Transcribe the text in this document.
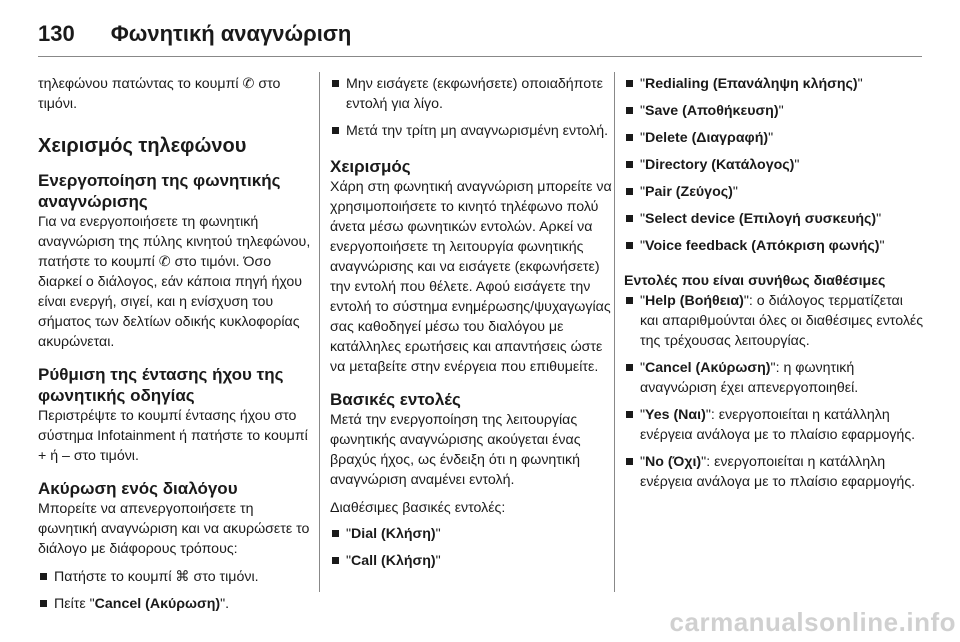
130 Φωνητική αναγνώριση

τηλεφώνου πατώντας το κουμπί ✆ στο τιμόνι.

Χειρισμός τηλεφώνου
Ενεργοποίηση της φωνητικής αναγνώρισης

Για να ενεργοποιήσετε τη φωνητική αναγνώριση της πύλης κινητού τηλεφώνου, πατήστε το κουμπί ✆ στο τιμόνι. Όσο διαρκεί ο διάλογος, εάν κάποια πηγή ήχου είναι ενεργή, σιγεί, και η ενίσχυση του σήματος των δελτίων οδικής κυκλοφορίας ακυρώνεται.

Ρύθμιση της έντασης ήχου της φωνητικής οδηγίας

Περιστρέψτε το κουμπί έντασης ήχου στο σύστημα Infotainment ή πατήστε το κουμπί + ή – στο τιμόνι.

Ακύρωση ενός διαλόγου

Μπορείτε να απενεργοποιήσετε τη φωνητική αναγνώριση και να ακυρώσετε το διάλογο με διάφορους τρόπους:

Πατήστε το κουμπί ⌘ στο τιμόνι.
Πείτε "Cancel (Ακύρωση)".
Μην εισάγετε (εκφωνήσετε) οποιαδήποτε εντολή για λίγο.
Μετά την τρίτη μη αναγνωρισμένη εντολή.
Χειρισμός

Χάρη στη φωνητική αναγνώριση μπορείτε να χρησιμοποιήσετε το κινητό τηλέφωνο πολύ άνετα μέσω φωνητικών εντολών. Αρκεί να ενεργοποιήσετε τη λειτουργία φωνητικής αναγνώρισης και να εισάγετε (εκφωνήσετε) την εντολή που θέλετε. Αφού εισάγετε την εντολή το σύστημα ενημέρωσης/ψυχαγωγίας σας καθοδηγεί μέσω του διαλόγου με κατάλληλες ερωτήσεις και απαντήσεις ώστε να μεταβείτε στην ενέργεια που επιθυμείτε.

Βασικές εντολές

Μετά την ενεργοποίηση της λειτουργίας φωνητικής αναγνώρισης ακούγεται ένας βραχύς ήχος, ως ένδειξη ότι η φωνητική αναγνώριση αναμένει εντολή.

Διαθέσιμες βασικές εντολές:

"Dial (Κλήση)"
"Call (Κλήση)"
"Redialing (Επανάληψη κλήσης)"
"Save (Αποθήκευση)"
"Delete (Διαγραφή)"
"Directory (Κατάλογος)"
"Pair (Ζεύγος)"
"Select device (Επιλογή συσκευής)"
"Voice feedback (Απόκριση φωνής)"
Εντολές που είναι συνήθως διαθέσιμες
"Help (Βοήθεια)": ο διάλογος τερματίζεται και απαριθμούνται όλες οι διαθέσιμες εντολές της τρέχουσας λειτουργίας.
"Cancel (Ακύρωση)": η φωνητική αναγνώριση έχει απενεργοποιηθεί.
"Yes (Ναι)": ενεργοποιείται η κατάλληλη ενέργεια ανάλογα με το πλαίσιο εφαρμογής.
"No (Όχι)": ενεργοποιείται η κατάλληλη ενέργεια ανάλογα με το πλαίσιο εφαρμογής.
carmanualsonline.info
